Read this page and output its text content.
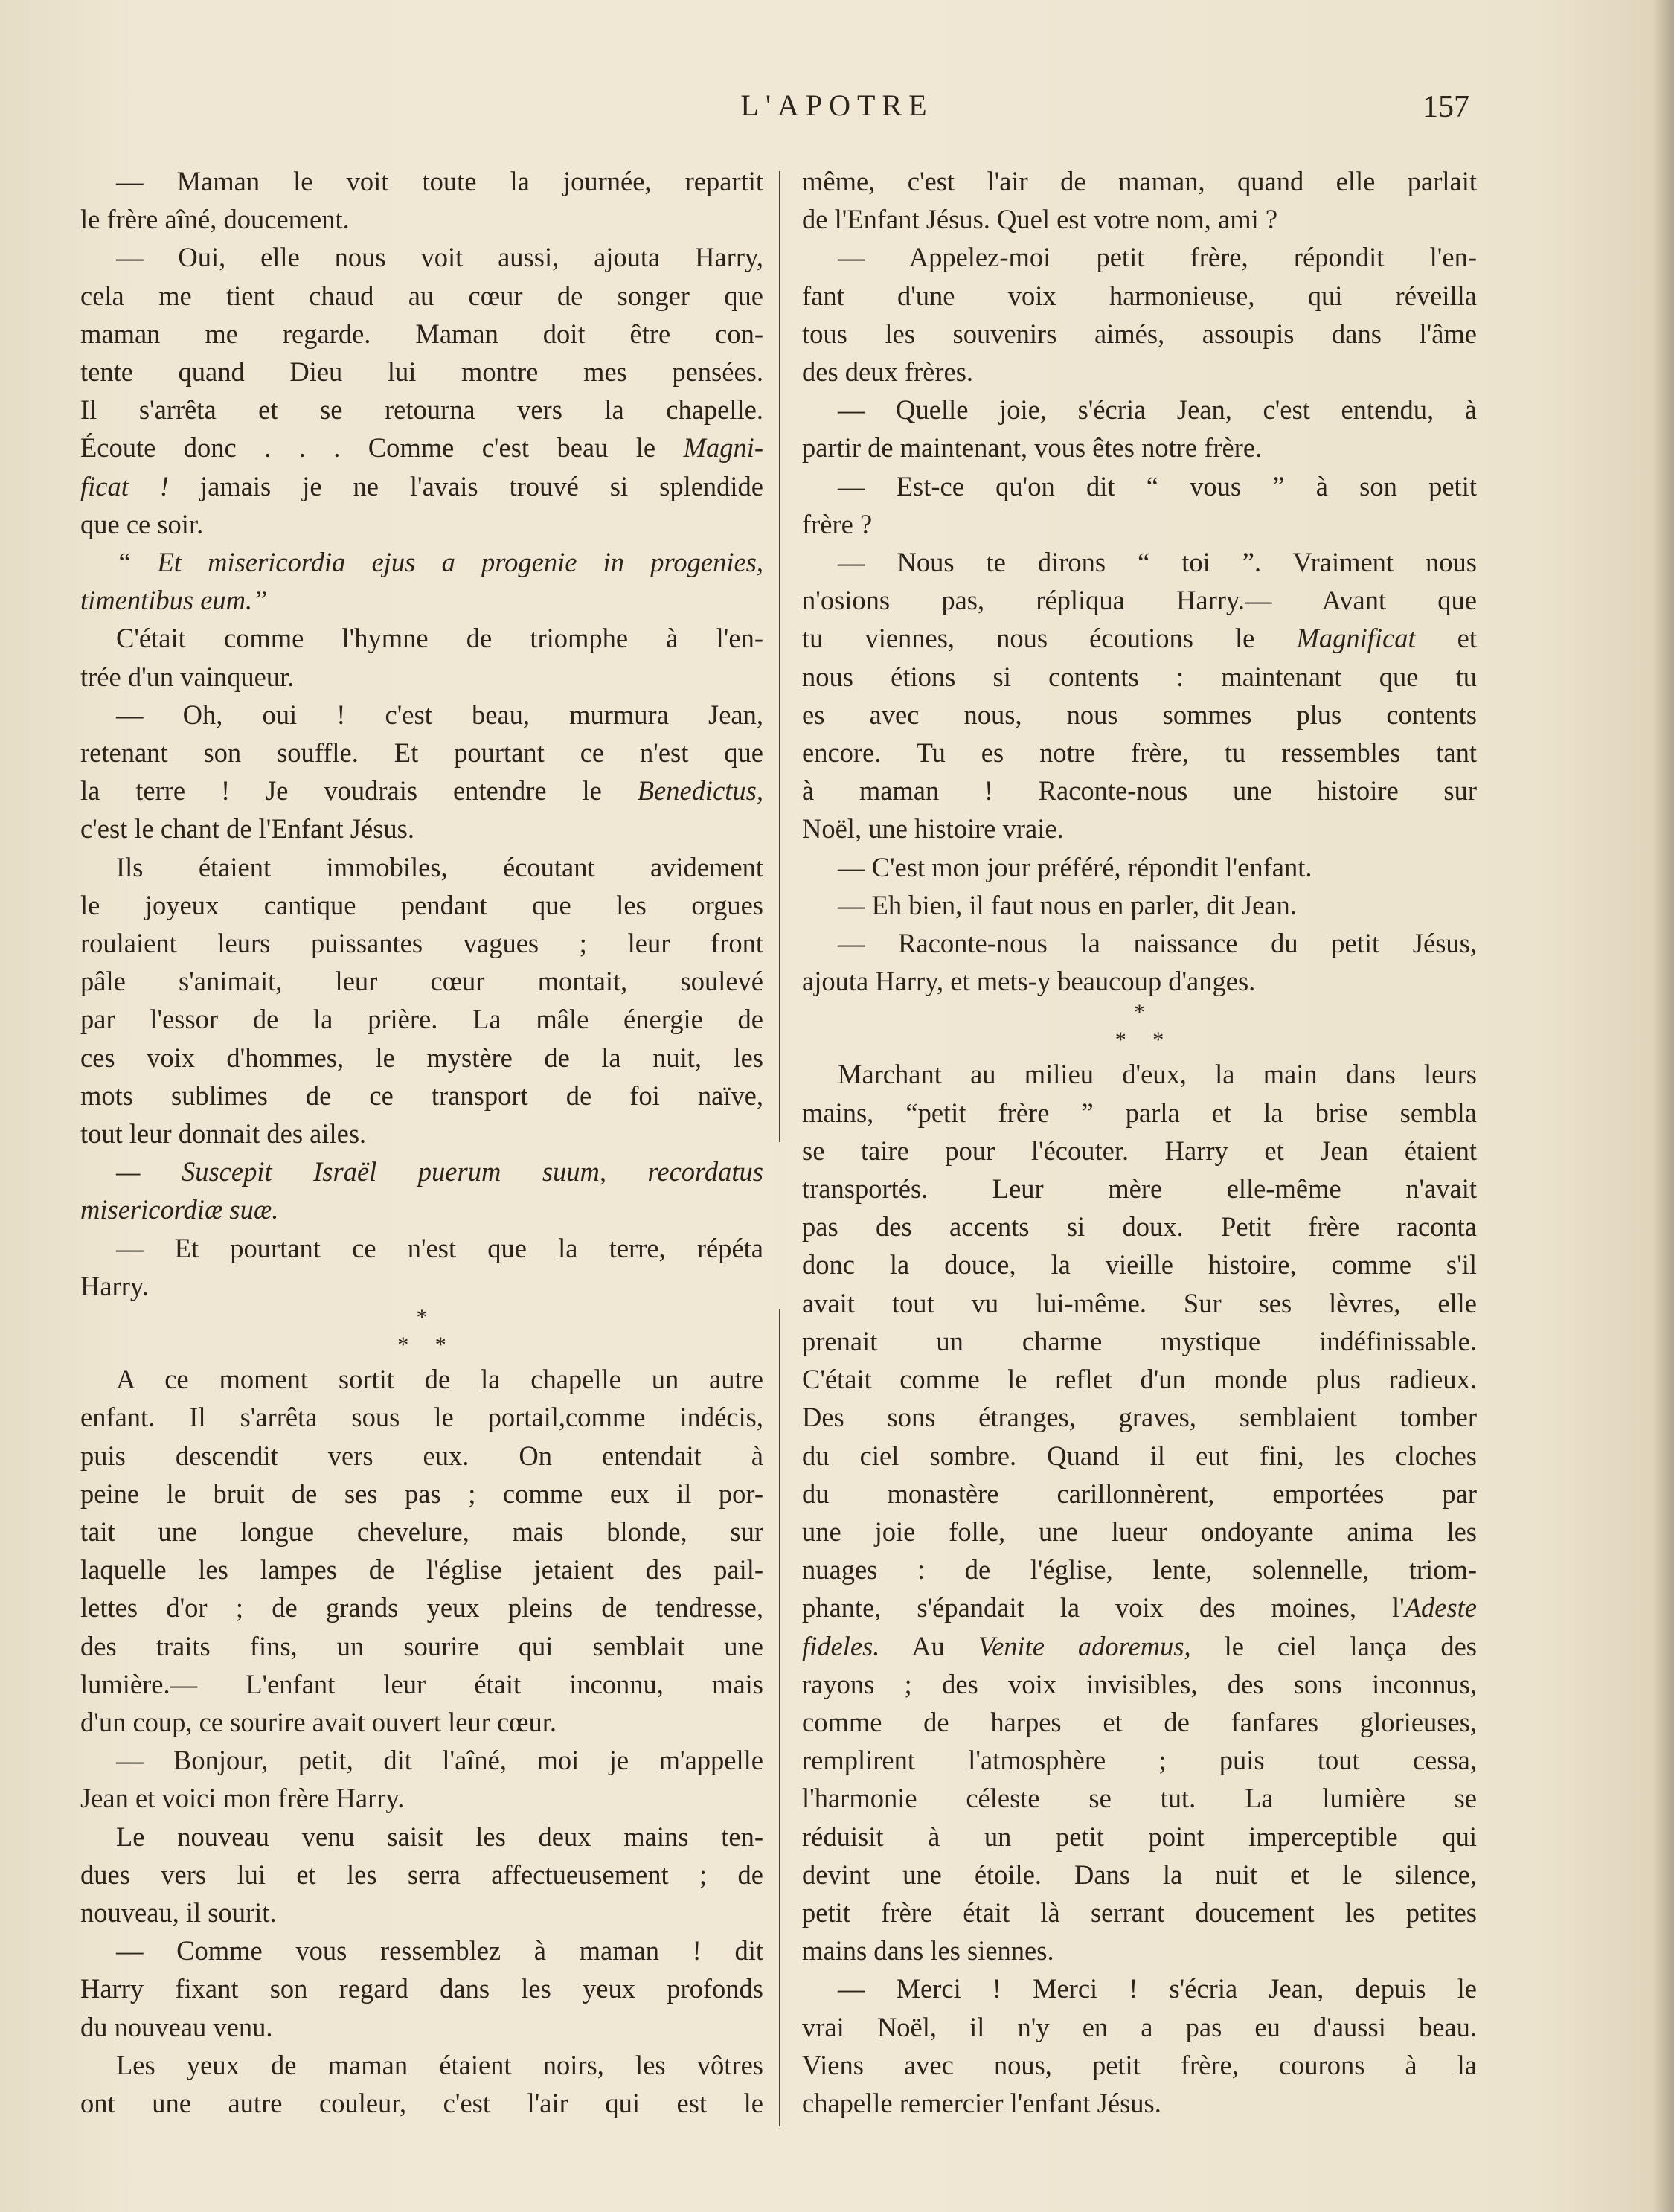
L'APOTRE	157
— Maman le voit toute la journée, repartit
le frère aîné, doucement.
— Oui, elle nous voit aussi, ajouta Harry,
cela me tient chaud au cœur de songer que
maman me regarde. Maman doit être con-
tente quand Dieu lui montre mes pensées.
Il s'arrêta et se retourna vers la chapelle.
Écoute donc . . . Comme c'est beau le Magni-
ficat ! jamais je ne l'avais trouvé si splendide
que ce soir.
“ Et misericordia ejus a progenie in progenies,
timentibus eum.”
C'était comme l'hymne de triomphe à l'en-
trée d'un vainqueur.
— Oh, oui ! c'est beau, murmura Jean,
retenant son souffle. Et pourtant ce n'est que
la terre ! Je voudrais entendre le Benedictus,
c'est le chant de l'Enfant Jésus.
Ils étaient immobiles, écoutant avidement
le joyeux cantique pendant que les orgues
roulaient leurs puissantes vagues ; leur front
pâle s'animait, leur cœur montait, soulevé
par l'essor de la prière. La mâle énergie de
ces voix d'hommes, le mystère de la nuit, les
mots sublimes de ce transport de foi naïve,
tout leur donnait des ailes.
— Suscepit Israël puerum suum, recordatus
misericordiæ suæ.
— Et pourtant ce n'est que la terre, répéta
Harry.
*
* *
A ce moment sortit de la chapelle un autre
enfant. Il s'arrêta sous le portail,comme indécis,
puis descendit vers eux. On entendait à
peine le bruit de ses pas ; comme eux il por-
tait une longue chevelure, mais blonde, sur
laquelle les lampes de l'église jetaient des pail-
lettes d'or ; de grands yeux pleins de tendresse,
des traits fins, un sourire qui semblait une
lumière.— L'enfant leur était inconnu, mais
d'un coup, ce sourire avait ouvert leur cœur.
— Bonjour, petit, dit l'aîné, moi je m'appelle
Jean et voici mon frère Harry.
Le nouveau venu saisit les deux mains ten-
dues vers lui et les serra affectueusement ; de
nouveau, il sourit.
— Comme vous ressemblez à maman ! dit
Harry fixant son regard dans les yeux profonds
du nouveau venu.
Les yeux de maman étaient noirs, les vôtres
ont une autre couleur, c'est l'air qui est le
même, c'est l'air de maman, quand elle parlait
de l'Enfant Jésus. Quel est votre nom, ami ?
— Appelez-moi petit frère, répondit l'en-
fant d'une voix harmonieuse, qui réveilla
tous les souvenirs aimés, assoupis dans l'âme
des deux frères.
— Quelle joie, s'écria Jean, c'est entendu, à
partir de maintenant, vous êtes notre frère.
— Est-ce qu'on dit “ vous ” à son petit
frère ?
— Nous te dirons “ toi ”. Vraiment nous
n'osions pas, répliqua Harry.— Avant que
tu viennes, nous écoutions le Magnificat et
nous étions si contents : maintenant que tu
es avec nous, nous sommes plus contents
encore. Tu es notre frère, tu ressembles tant
à maman ! Raconte-nous une histoire sur
Noël, une histoire vraie.
— C'est mon jour préféré, répondit l'enfant.
— Eh bien, il faut nous en parler, dit Jean.
— Raconte-nous la naissance du petit Jésus,
ajouta Harry, et mets-y beaucoup d'anges.
*
* *
Marchant au milieu d'eux, la main dans leurs
mains, “petit frère ” parla et la brise sembla
se taire pour l'écouter. Harry et Jean étaient
transportés. Leur mère elle-même n'avait
pas des accents si doux. Petit frère raconta
donc la douce, la vieille histoire, comme s'il
avait tout vu lui-même. Sur ses lèvres, elle
prenait un charme mystique indéfinissable.
C'était comme le reflet d'un monde plus radieux.
Des sons étranges, graves, semblaient tomber
du ciel sombre. Quand il eut fini, les cloches
du monastère carillonnèrent, emportées par
une joie folle, une lueur ondoyante anima les
nuages : de l'église, lente, solennelle, triom-
phante, s'épandait la voix des moines, l'Adeste
fideles. Au Venite adoremus, le ciel lança des
rayons ; des voix invisibles, des sons inconnus,
comme de harpes et de fanfares glorieuses,
remplirent l'atmosphère ; puis tout cessa,
l'harmonie céleste se tut. La lumière se
réduisit à un petit point imperceptible qui
devint une étoile. Dans la nuit et le silence,
petit frère était là serrant doucement les petites
mains dans les siennes.
— Merci ! Merci ! s'écria Jean, depuis le
vrai Noël, il n'y en a pas eu d'aussi beau.
Viens avec nous, petit frère, courons à la
chapelle remercier l'enfant Jésus.
